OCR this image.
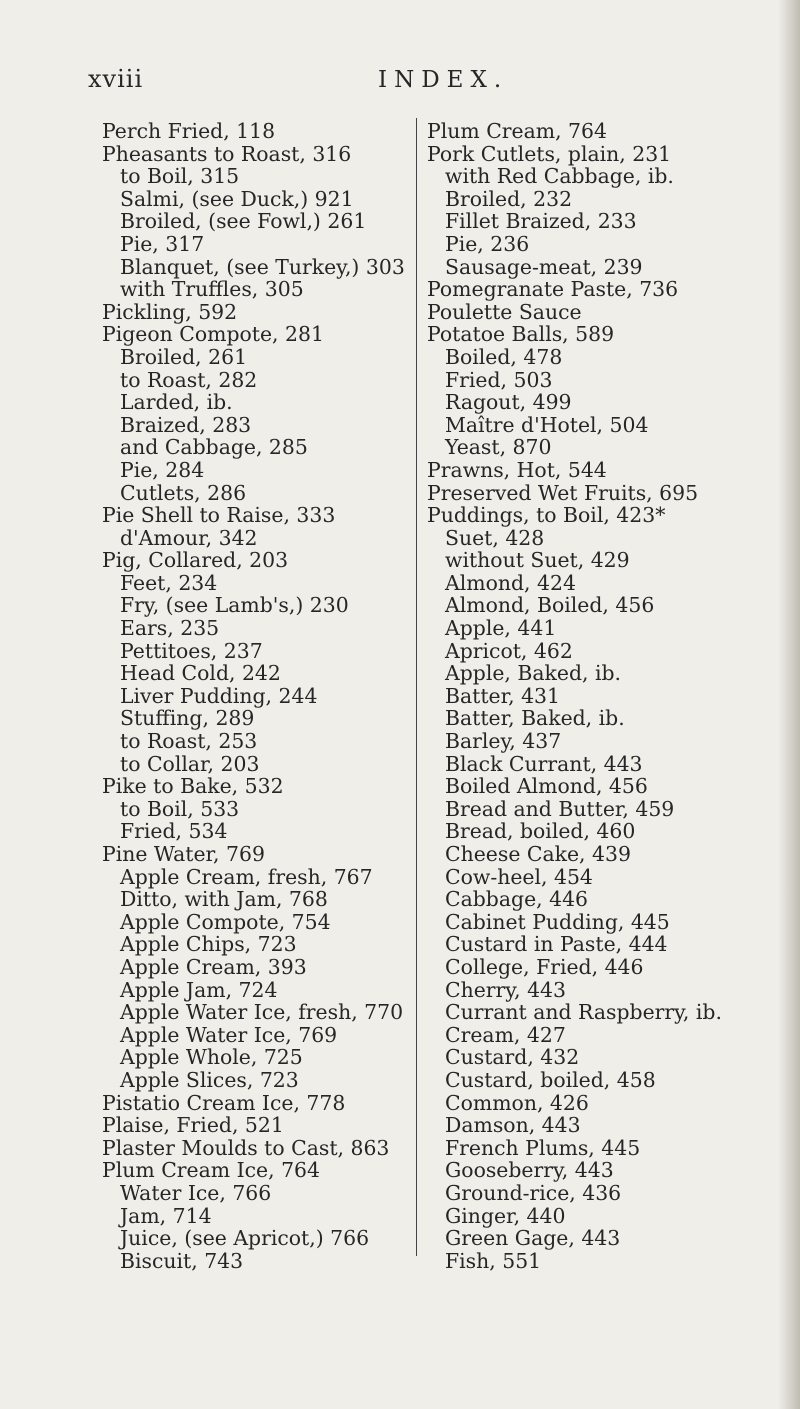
xviii	INDEX.

Perch Fried, 118

Pheasants to Roast, 316

to Boil, 315

Salmi, (see Duck,) 921

Broiled, (see Fowl,) 261

Pie, 317

Blanquet, (see Turkey,) 303

with Truffles, 305

Pickling, 592

Pigeon Compote, 281

Broiled, 261

to Roast, 282

Larded, ib.

Braized, 283

and Cabbage, 285

Pie, 284

Cutlets, 286

Pie Shell to Raise, 333

d'Amour, 342

Pig, Collared, 203

Feet, 234

Fry, (see Lamb's,) 230

Ears, 235

Pettitoes, 237

Head Cold, 242

Liver Pudding, 244

Stuffing, 289

to Roast, 253

to Collar, 203

Pike to Bake, 532

to Boil, 533

Fried, 534

Pine Water, 769

Apple Cream, fresh, 767

Ditto, with Jam, 768

Apple Compote, 754

Apple Chips, 723

Apple Cream, 393

Apple Jam, 724

Apple Water Ice, fresh, 770

Apple Water Ice, 769

Apple Whole, 725

Apple Slices, 723

Pistatio Cream Ice, 778

Plaise, Fried, 521

Plaster Moulds to Cast, 863

Plum Cream Ice, 764

Water Ice, 766

Jam, 714

Juice, (see Apricot,) 766

Biscuit, 743

Plum Cream, 764

Pork Cutlets, plain, 231

with Red Cabbage, ib.

Broiled, 232

Fillet Braized, 233

Pie, 236

Sausage-meat, 239

Pomegranate Paste, 736

Poulette Sauce

Potatoe Balls, 589

Boiled, 478

Fried, 503

Ragout, 499

Maître d'Hotel, 504

Yeast, 870

Prawns, Hot, 544

Preserved Wet Fruits, 695

Puddings, to Boil, 423*

Suet, 428

without Suet, 429

Almond, 424

Almond, Boiled, 456

Apple, 441

Apricot, 462

Apple, Baked, ib.

Batter, 431

Batter, Baked, ib.

Barley, 437

Black Currant, 443

Boiled Almond, 456

Bread and Butter, 459

Bread, boiled, 460

Cheese Cake, 439

Cow-heel, 454

Cabbage, 446

Cabinet Pudding, 445

Custard in Paste, 444

College, Fried, 446

Cherry, 443

Currant and Raspberry, ib.

Cream, 427

Custard, 432

Custard, boiled, 458

Common, 426

Damson, 443

French Plums, 445

Gooseberry, 443

Ground-rice, 436

Ginger, 440

Green Gage, 443

Fish, 551
